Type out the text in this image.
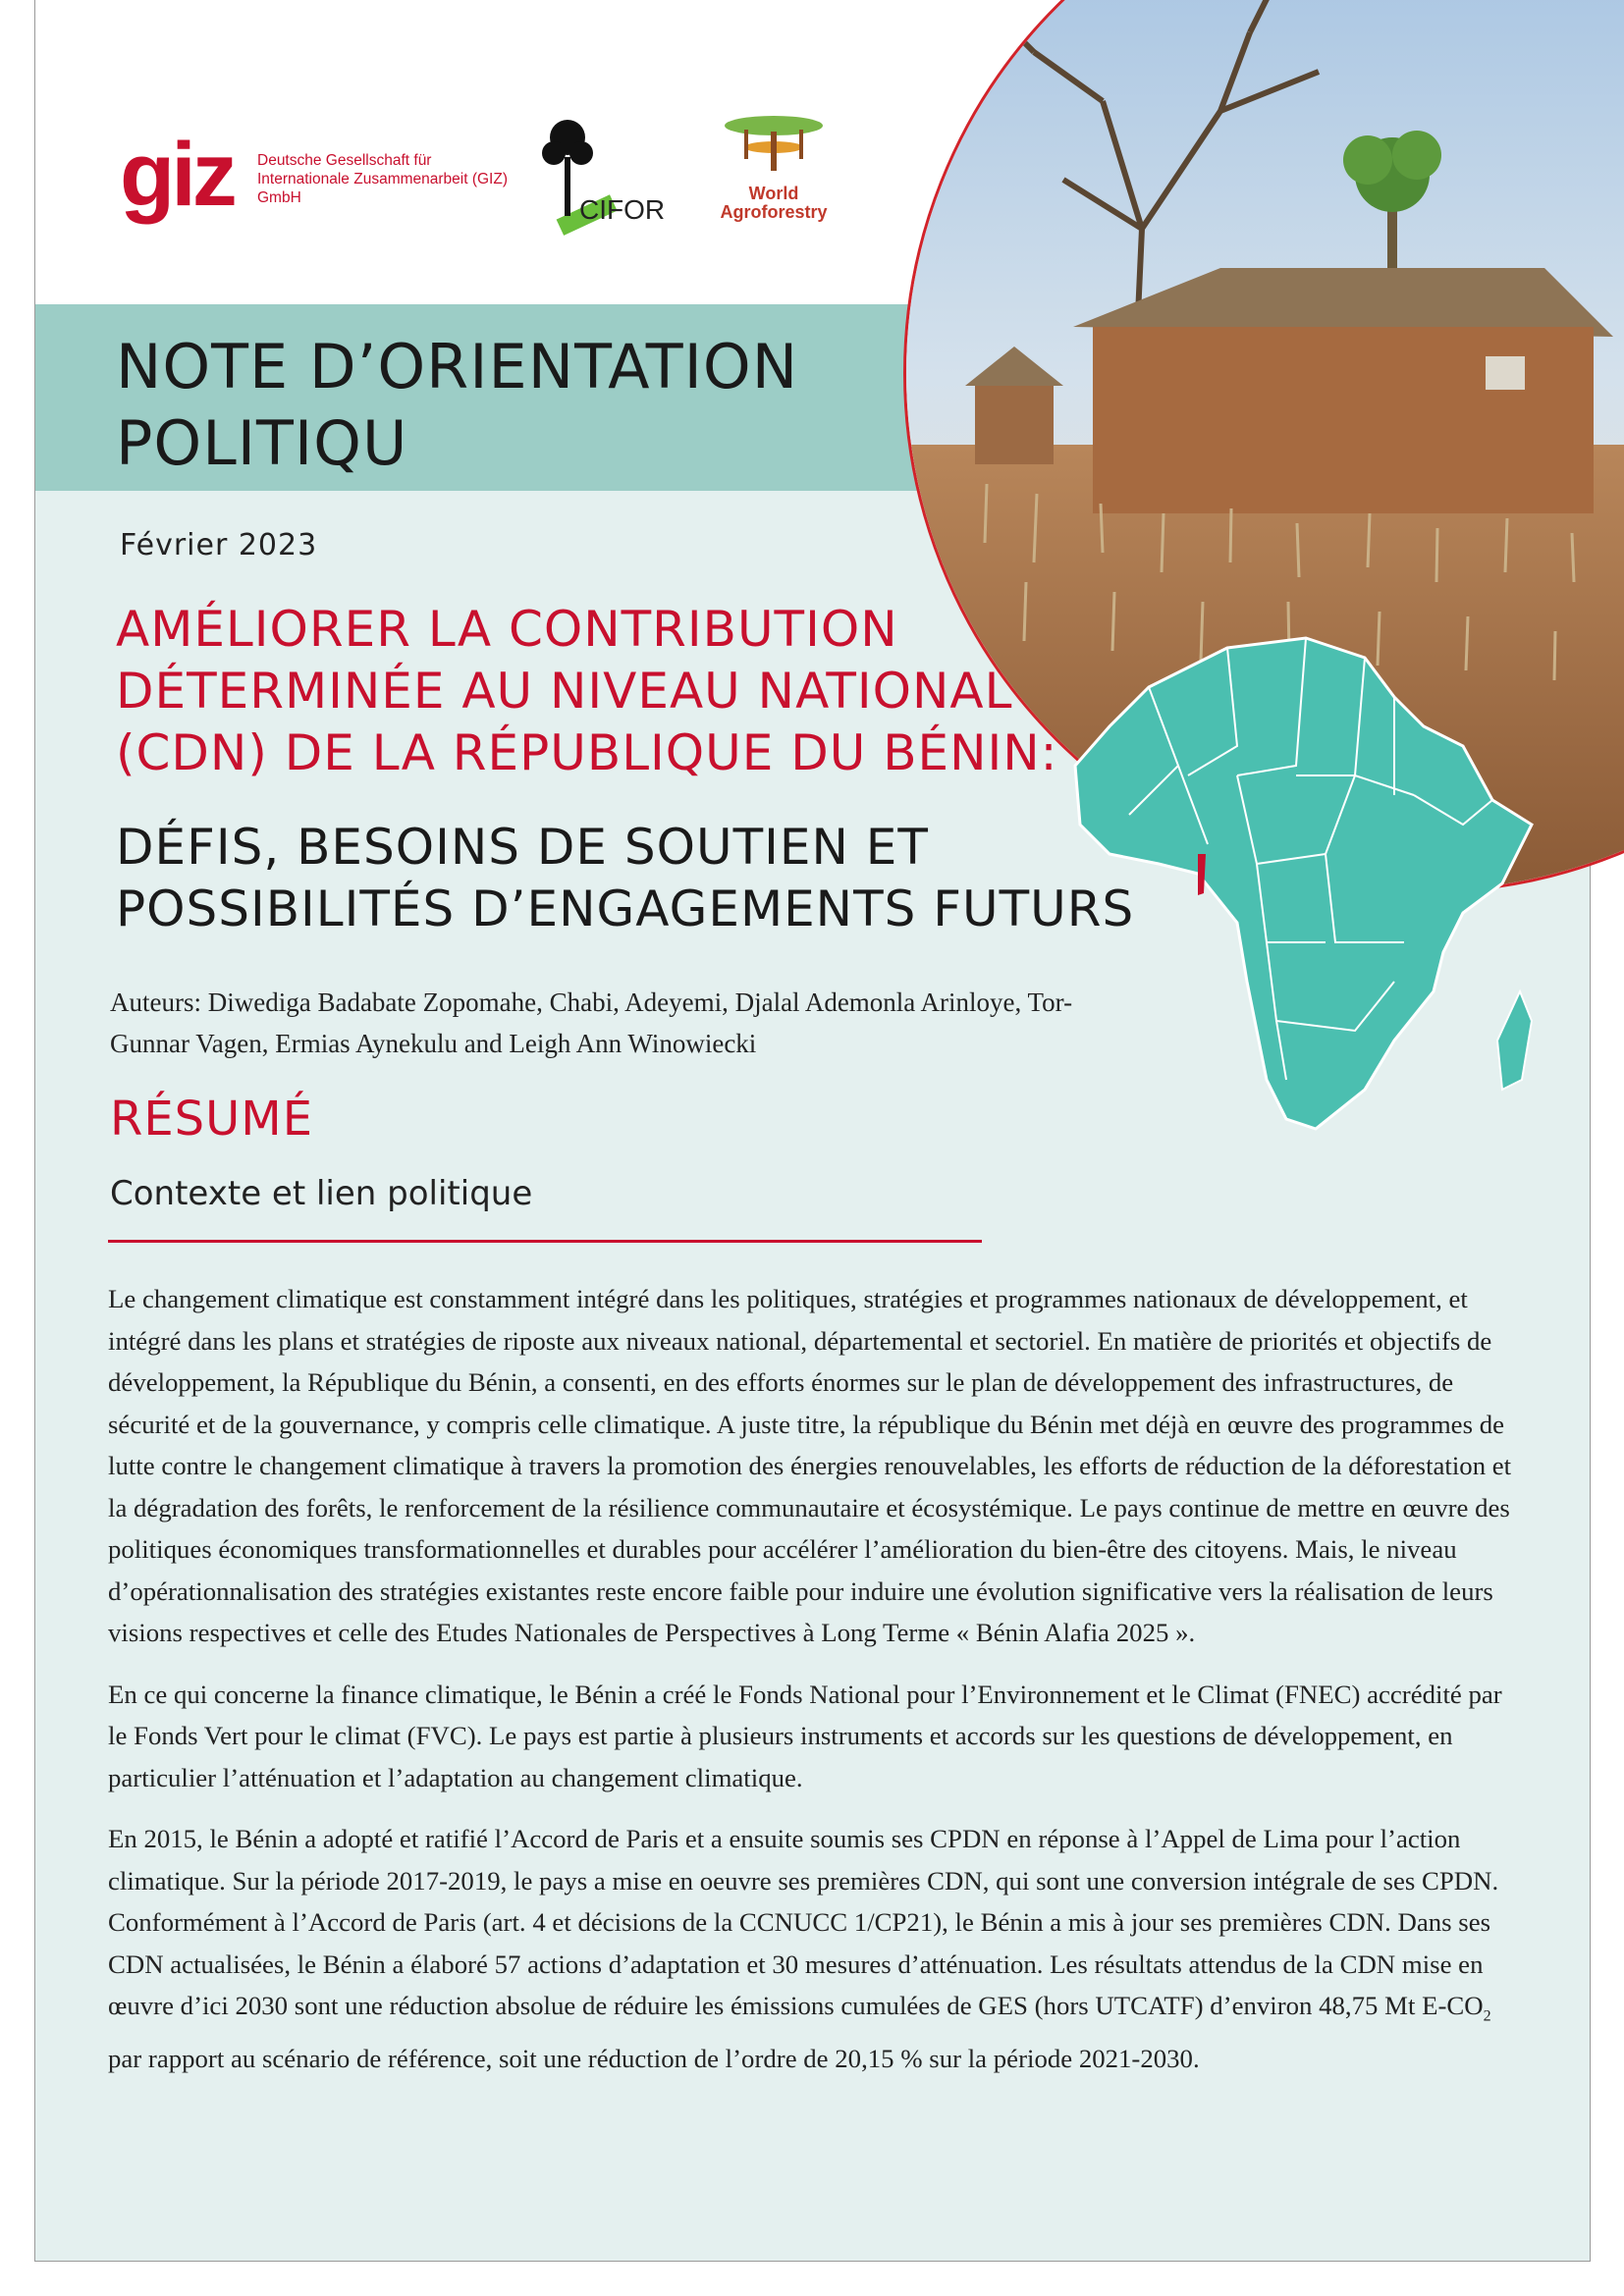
giz Deutsche Gesellschaft für Internationale Zusammenarbeit (GIZ) GmbH	CIFOR
World
Agroforestry
NOTE D’ORIENTATION
POLITIQU
Février 2023
AMÉLIORER LA CONTRIBUTION
DÉTERMINÉE AU NIVEAU NATIONAL
(CDN) DE LA RÉPUBLIQUE DU BÉNIN:
DÉFIS, BESOINS DE SOUTIEN ET
POSSIBILITÉS D’ENGAGEMENTS FUTURS
Auteurs: Diwediga Badabate Zopomahe, Chabi, Adeyemi, Djalal Ademonla Arinloye, Tor-Gunnar Vagen, Ermias Aynekulu and Leigh Ann Winowiecki
RÉSUMÉ
Contexte et lien politique

Le changement climatique est constamment intégré dans les politiques, stratégies et programmes nationaux de développement, et intégré dans les plans et stratégies de riposte aux niveaux national, départemental et sectoriel. En matière de priorités et objectifs de développement, la République du Bénin, a consenti, en des efforts énormes sur le plan de développement des infrastructures, de sécurité et de la gouvernance, y compris celle climatique. A juste titre, la république du Bénin met déjà en œuvre des programmes de lutte contre le changement climatique à travers la promotion des énergies renouvelables, les efforts de réduction de la déforestation et la dégradation des forêts, le renforcement de la résilience communautaire et écosystémique. Le pays continue de mettre en œuvre des politiques économiques transformationnelles et durables pour accélérer l’amélioration du bien-être des citoyens. Mais, le niveau d’opérationnalisation des stratégies existantes reste encore faible pour induire une évolution significative vers la réalisation de leurs visions respectives et celle des Etudes Nationales de Perspectives à Long Terme « Bénin Alafia 2025 ».

En ce qui concerne la finance climatique, le Bénin a créé le Fonds National pour l’Environnement et le Climat (FNEC) accrédité par le Fonds Vert pour le climat (FVC). Le pays est partie à plusieurs instruments et accords sur les questions de développement, en particulier l’atténuation et l’adaptation au changement climatique.

En 2015, le Bénin a adopté et ratifié l’Accord de Paris et a ensuite soumis ses CPDN en réponse à l’Appel de Lima pour l’action climatique. Sur la période 2017-2019, le pays a mise en oeuvre ses premières CDN, qui sont une conversion intégrale de ses CPDN. Conformément à l’Accord de Paris (art. 4 et décisions de la CCNUCC 1/CP21), le Bénin a mis à jour ses premières CDN. Dans ses CDN actualisées, le Bénin a élaboré 57 actions d’adaptation et 30 mesures d’atténuation. Les résultats attendus de la CDN mise en œuvre d’ici 2030 sont une réduction absolue de réduire les émissions cumulées de GES (hors UTCATF) d’environ 48,75 Mt $E-CO_2$ par rapport au scénario de référence, soit une réduction de l’ordre de 20,15 % sur la période 2021-2030.
